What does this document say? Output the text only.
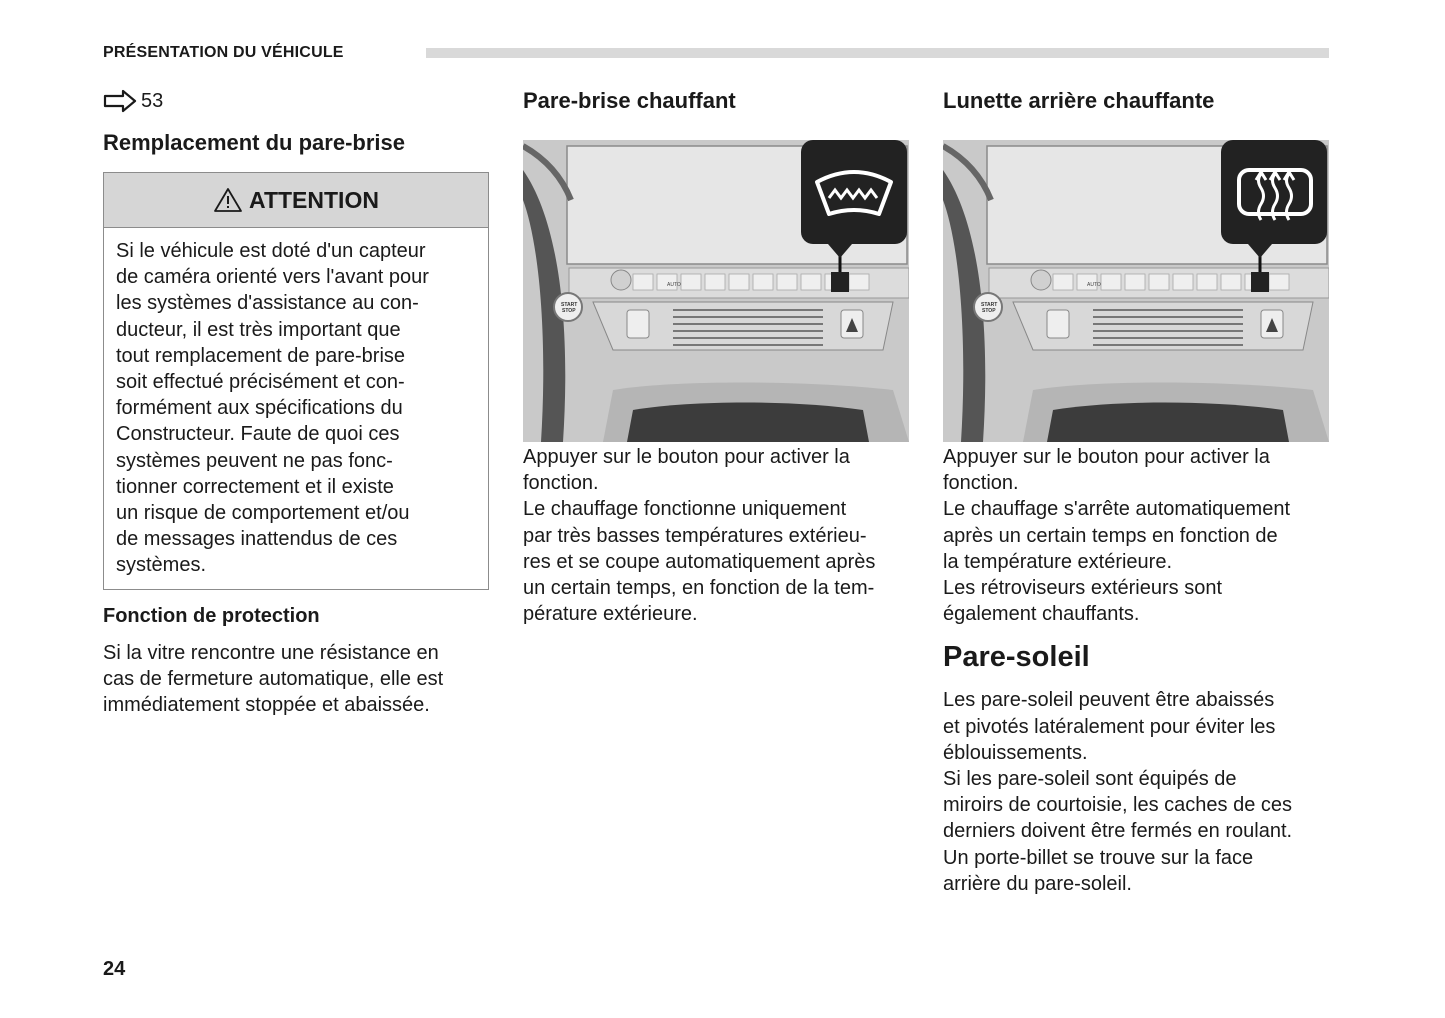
PRÉSENTATION DU VÉHICULE
53
Remplacement du pare-brise
ATTENTION
Si le véhicule est doté d'un capteur
de caméra orienté vers l'avant pour
les systèmes d'assistance au con-
ducteur, il est très important que
tout remplacement de pare-brise
soit effectué précisément et con-
formément aux spécifications du
Constructeur. Faute de quoi ces
systèmes peuvent ne pas fonc-
tionner correctement et il existe
un risque de comportement et/ou
de messages inattendus de ces
systèmes.
Fonction de protection

Si la vitre rencontre une résistance en
cas de fermeture automatique, elle est
immédiatement stoppée et abaissée.

Pare-brise chauffant
AUTO
START
STOP

Appuyer sur le bouton pour activer la
fonction.
Le chauffage fonctionne uniquement
par très basses températures extérieu-
res et se coupe automatiquement après
un certain temps, en fonction de la tem-
pérature extérieure.

Lunette arrière chauffante
AUTO
START
STOP

Appuyer sur le bouton pour activer la
fonction.
Le chauffage s'arrête automatiquement
après un certain temps en fonction de
la température extérieure.
Les rétroviseurs extérieurs sont
également chauffants.

Pare-soleil

Les pare-soleil peuvent être abaissés
et pivotés latéralement pour éviter les
éblouissements.
Si les pare-soleil sont équipés de
miroirs de courtoisie, les caches de ces
derniers doivent être fermés en roulant.
Un porte-billet se trouve sur la face
arrière du pare-soleil.

24
